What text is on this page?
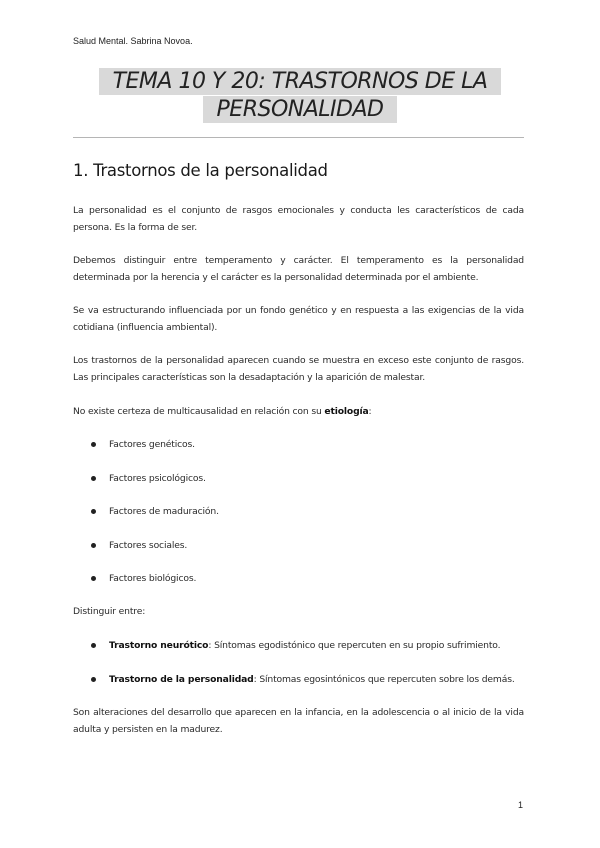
Salud Mental. Sabrina Novoa.
TEMA 10 Y 20: TRASTORNOS DE LA
PERSONALIDAD
1. Trastornos de la personalidad
La personalidad es el conjunto de rasgos emocionales y conducta les característicos de cada persona. Es la forma de ser.
Debemos distinguir entre temperamento y carácter. El temperamento es la personalidad determinada por la herencia y el carácter es la personalidad determinada por el ambiente.
Se va estructurando influenciada por un fondo genético y en respuesta a las exigencias de la vida cotidiana (influencia ambiental).
Los trastornos de la personalidad aparecen cuando se muestra en exceso este conjunto de rasgos. Las principales características son la desadaptación y la aparición de malestar.
No existe certeza de multicausalidad en relación con su etiología:
Factores genéticos.
Factores psicológicos.
Factores de maduración.
Factores sociales.
Factores biológicos.
Distinguir entre:
Trastorno neurótico: Síntomas egodistónico que repercuten en su propio sufrimiento.
Trastorno de la personalidad: Síntomas egosintónicos que repercuten sobre los demás.
Son alteraciones del desarrollo que aparecen en la infancia, en la adolescencia o al inicio de la vida adulta y persisten en la madurez.
1
